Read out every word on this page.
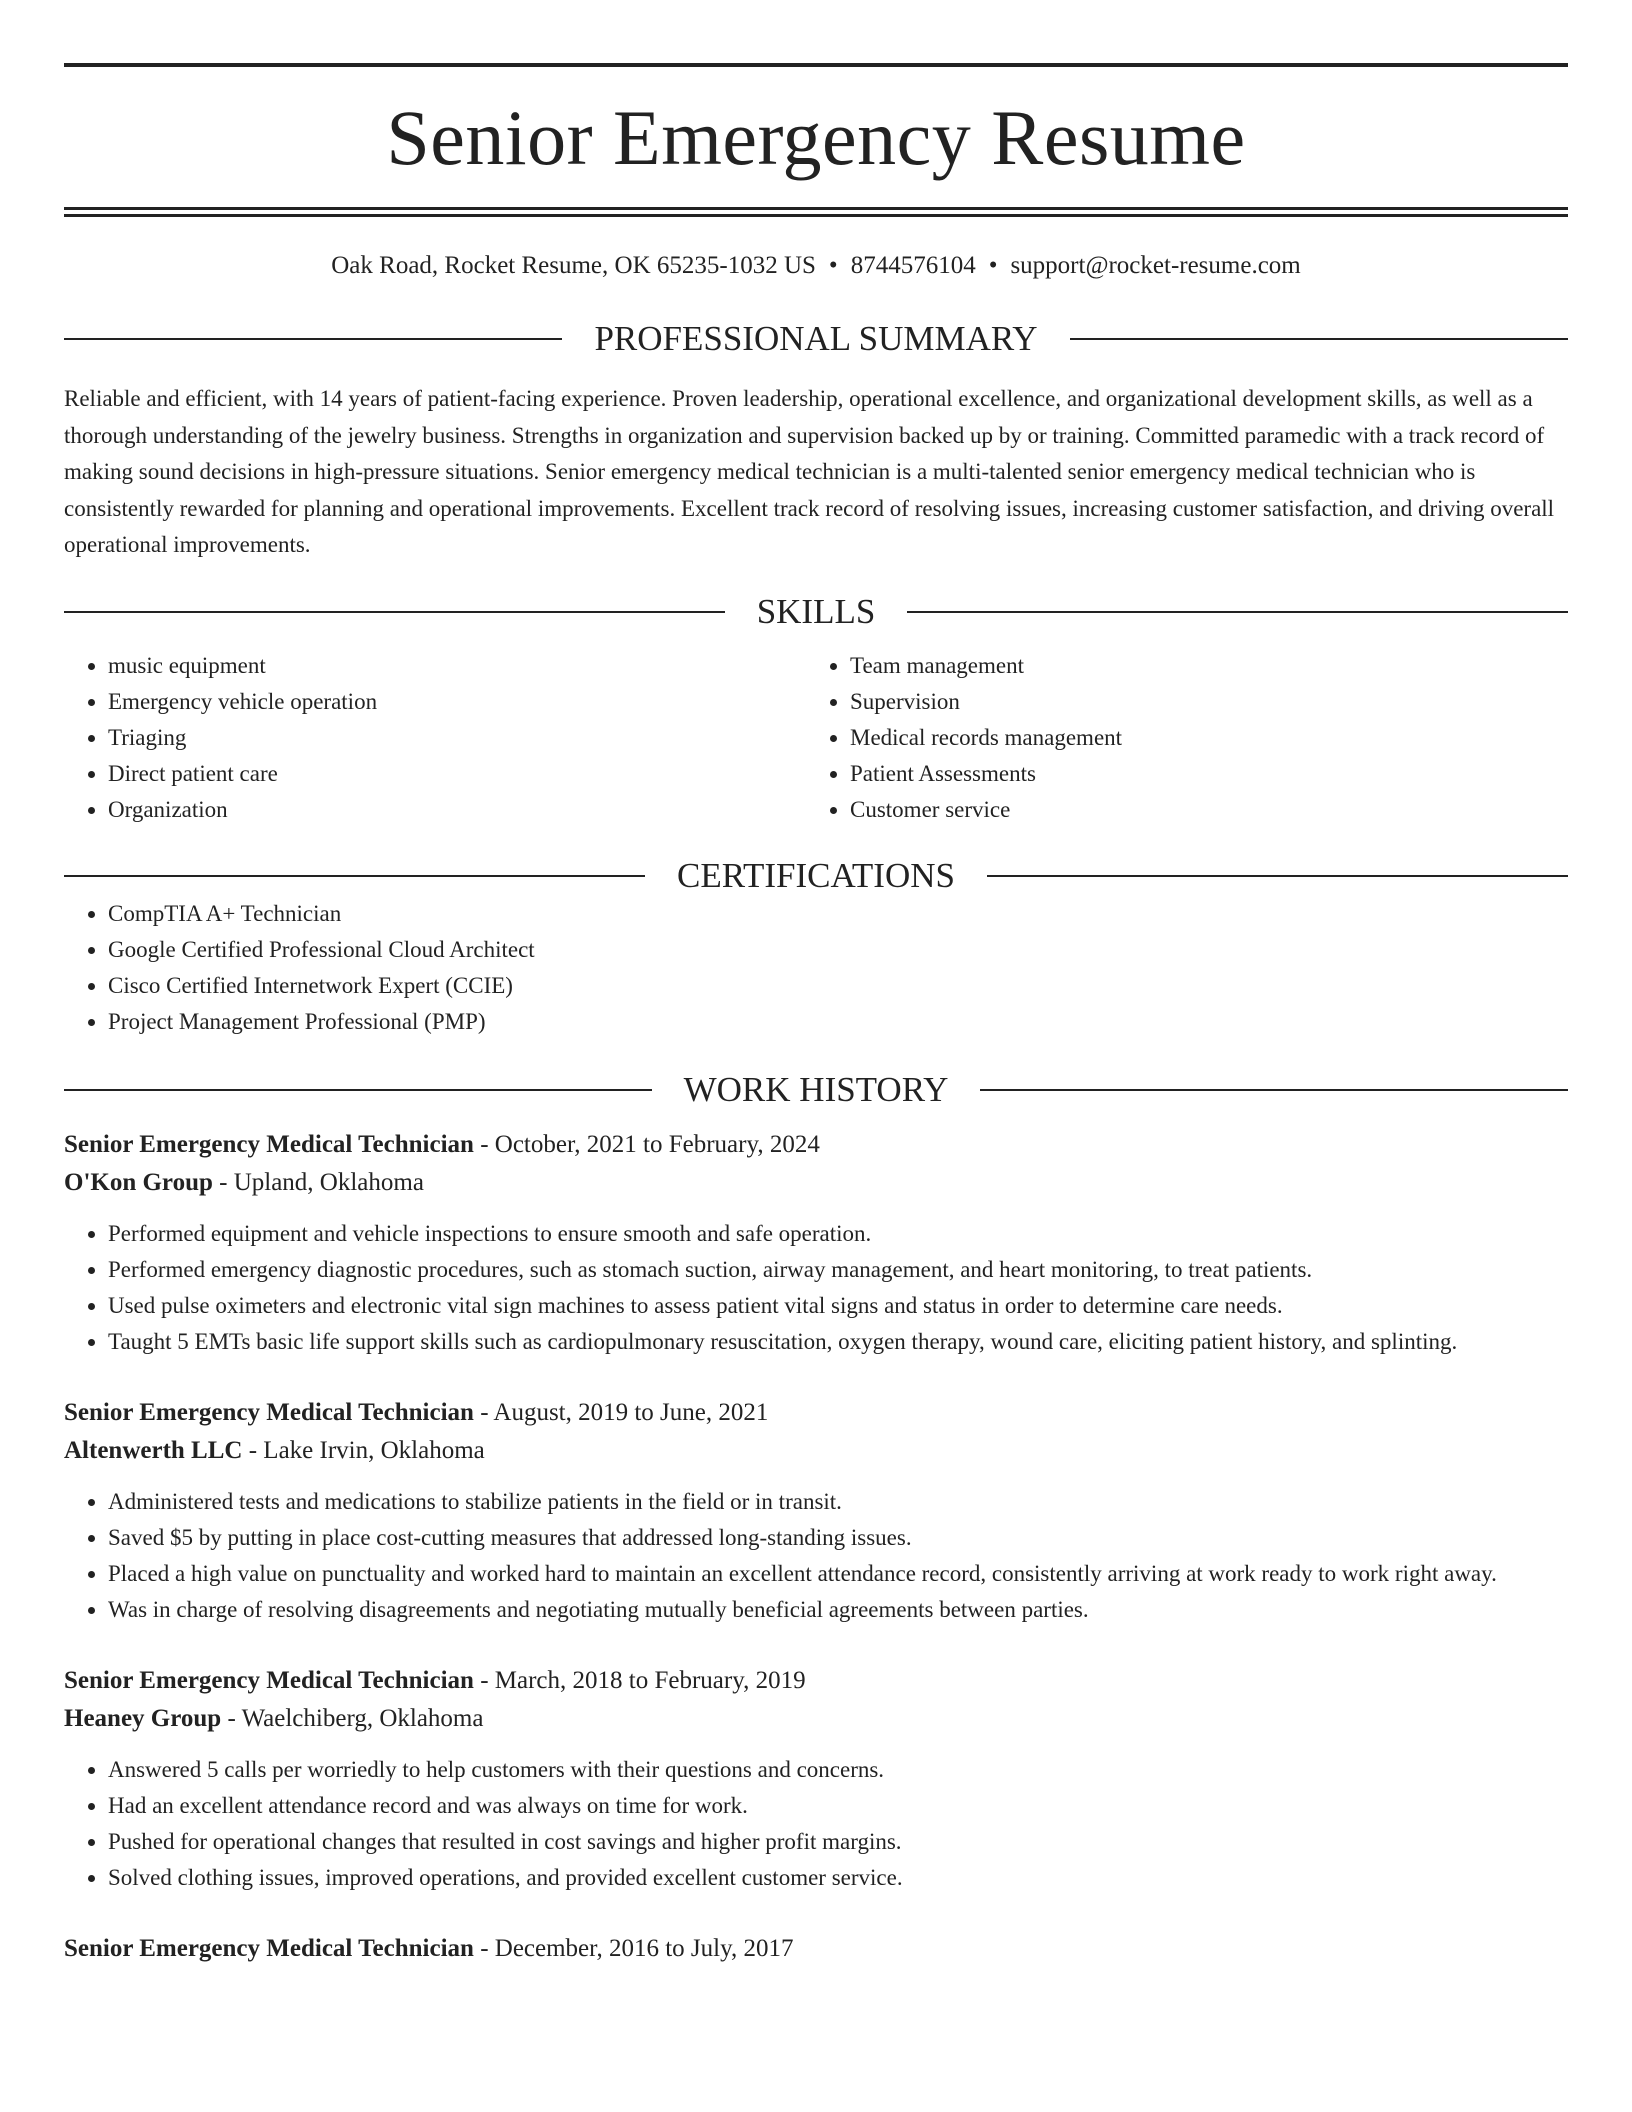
Senior Emergency Resume
Oak Road, Rocket Resume, OK 65235-1032 US • 8744576104 • support@rocket-resume.com
PROFESSIONAL SUMMARY
Reliable and efficient, with 14 years of patient-facing experience. Proven leadership, operational excellence, and organizational development skills, as well as a thorough understanding of the jewelry business. Strengths in organization and supervision backed up by or training. Committed paramedic with a track record of making sound decisions in high-pressure situations. Senior emergency medical technician is a multi-talented senior emergency medical technician who is consistently rewarded for planning and operational improvements. Excellent track record of resolving issues, increasing customer satisfaction, and driving overall operational improvements.
SKILLS
• music equipment
• Emergency vehicle operation
• Triaging
• Direct patient care
• Organization
• Team management
• Supervision
• Medical records management
• Patient Assessments
• Customer service
CERTIFICATIONS
• CompTIA A+ Technician
• Google Certified Professional Cloud Architect
• Cisco Certified Internetwork Expert (CCIE)
• Project Management Professional (PMP)
WORK HISTORY
Senior Emergency Medical Technician - October, 2021 to February, 2024
O'Kon Group - Upland, Oklahoma
• Performed equipment and vehicle inspections to ensure smooth and safe operation.
• Performed emergency diagnostic procedures, such as stomach suction, airway management, and heart monitoring, to treat patients.
• Used pulse oximeters and electronic vital sign machines to assess patient vital signs and status in order to determine care needs.
• Taught 5 EMTs basic life support skills such as cardiopulmonary resuscitation, oxygen therapy, wound care, eliciting patient history, and splinting.
Senior Emergency Medical Technician - August, 2019 to June, 2021
Altenwerth LLC - Lake Irvin, Oklahoma
• Administered tests and medications to stabilize patients in the field or in transit.
• Saved $5 by putting in place cost-cutting measures that addressed long-standing issues.
• Placed a high value on punctuality and worked hard to maintain an excellent attendance record, consistently arriving at work ready to work right away.
• Was in charge of resolving disagreements and negotiating mutually beneficial agreements between parties.
Senior Emergency Medical Technician - March, 2018 to February, 2019
Heaney Group - Waelchiberg, Oklahoma
• Answered 5 calls per worriedly to help customers with their questions and concerns.
• Had an excellent attendance record and was always on time for work.
• Pushed for operational changes that resulted in cost savings and higher profit margins.
• Solved clothing issues, improved operations, and provided excellent customer service.
Senior Emergency Medical Technician - December, 2016 to July, 2017
